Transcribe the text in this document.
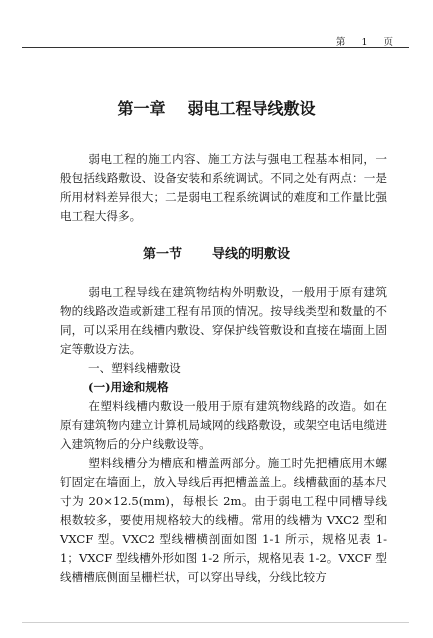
第 1 页
第一章 弱电工程导线敷设
弱电工程的施工内容、施工方法与强电工程基本相同，一般包括线路敷设、设备安装和系统调试。不同之处有两点：一是所用材料差异很大；二是弱电工程系统调试的难度和工作量比强电工程大得多。
第一节 导线的明敷设
弱电工程导线在建筑物结构外明敷设，一般用于原有建筑物的线路改造或新建工程有吊顶的情况。按导线类型和数量的不同，可以采用在线槽内敷设、穿保护线管敷设和直接在墙面上固定等敷设方法。
一、塑料线槽敷设
(一)用途和规格
在塑料线槽内敷设一般用于原有建筑物线路的改造。如在原有建筑物内建立计算机局域网的线路敷设，或架空电话电缆进入建筑物后的分户线敷设等。
塑料线槽分为槽底和槽盖两部分。施工时先把槽底用木螺钉固定在墙面上，放入导线后再把槽盖盖上。线槽截面的基本尺寸为 20×12.5(mm)，每根长 2m。由于弱电工程中同槽导线根数较多，要使用规格较大的线槽。常用的线槽为 VXC2 型和 VXCF 型。VXC2 型线槽横剖面如图 1-1 所示，规格见表 1-1；VXCF 型线槽外形如图 1-2 所示，规格见表 1-2。VXCF 型线槽槽底侧面呈栅栏状，可以穿出导线，分线比较方
